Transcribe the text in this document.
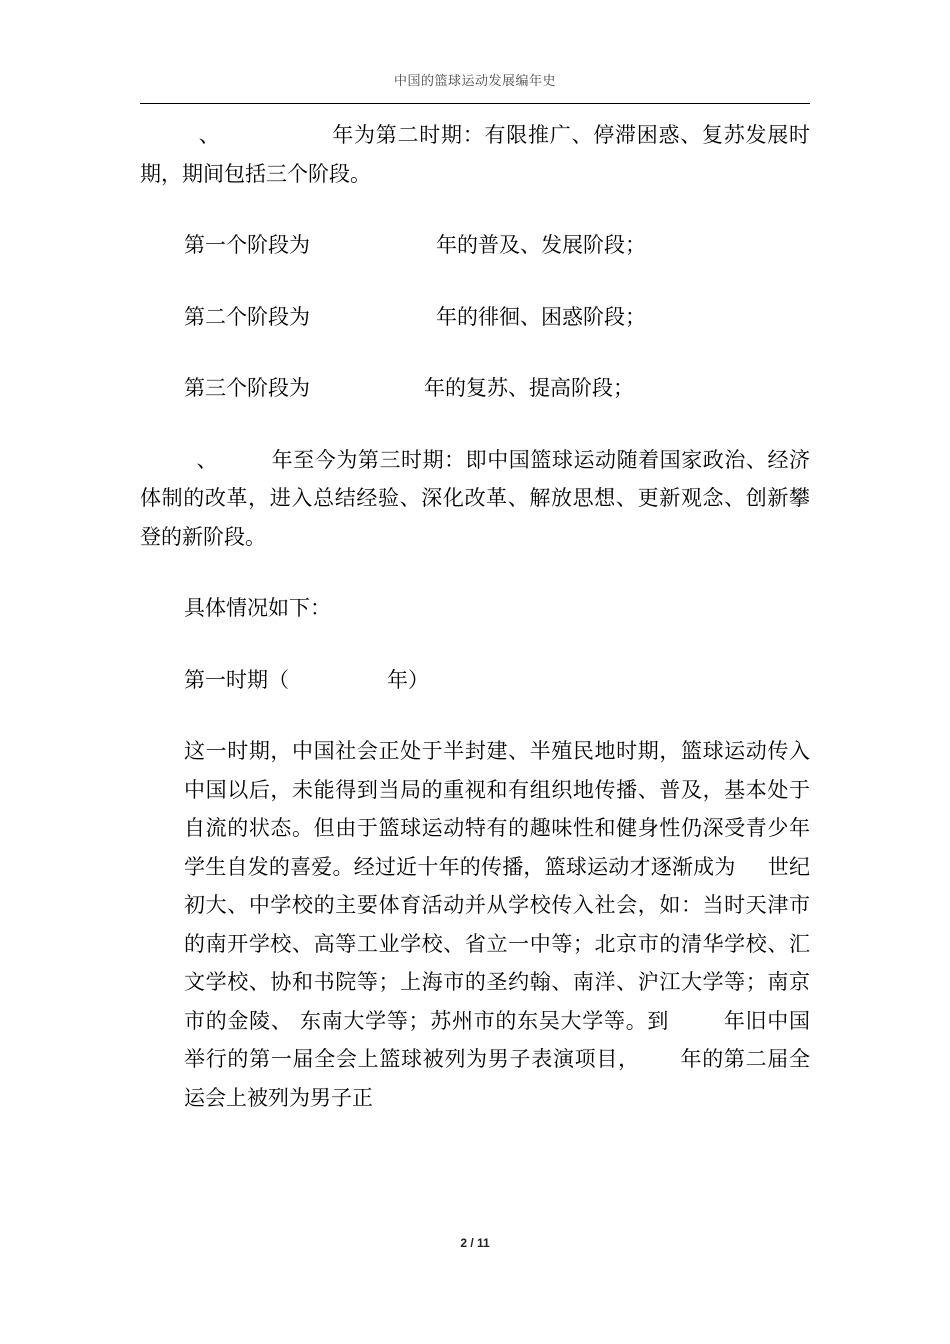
中国的篮球运动发展编年史

、	年为第二时期：有限推广、停滞困惑、复苏发展时期，期间包括三个阶段。

第一个阶段为	年的普及、发展阶段；

第二个阶段为	年的徘徊、困惑阶段；

第三个阶段为	年的复苏、提高阶段；

、	年至今为第三时期：即中国篮球运动随着国家政治、经济体制的改革，进入总结经验、深化改革、解放思想、更新观念、创新攀登的新阶段。

具体情况如下：

第一时期（	年）

这一时期，中国社会正处于半封建、半殖民地时期，篮球运动传入中国以后，未能得到当局的重视和有组织地传播、普及，基本处于自流的状态。但由于篮球运动特有的趣味性和健身性仍深受青少年学生自发的喜爱。经过近十年的传播，篮球运动才逐渐成为 世纪初大、中学校的主要体育活动并从学校传入社会，如：当时天津市的南开学校、高等工业学校、省立一中等；北京市的清华学校、汇文学校、协和书院等；上海市的圣约翰、南洋、沪江大学等；南京市的金陵、 东南大学等；苏州市的东吴大学等。到	年旧中国举行的第一届全会上篮球被列为男子表演项目， 年的第二届全运会上被列为男子正

2 / 11
